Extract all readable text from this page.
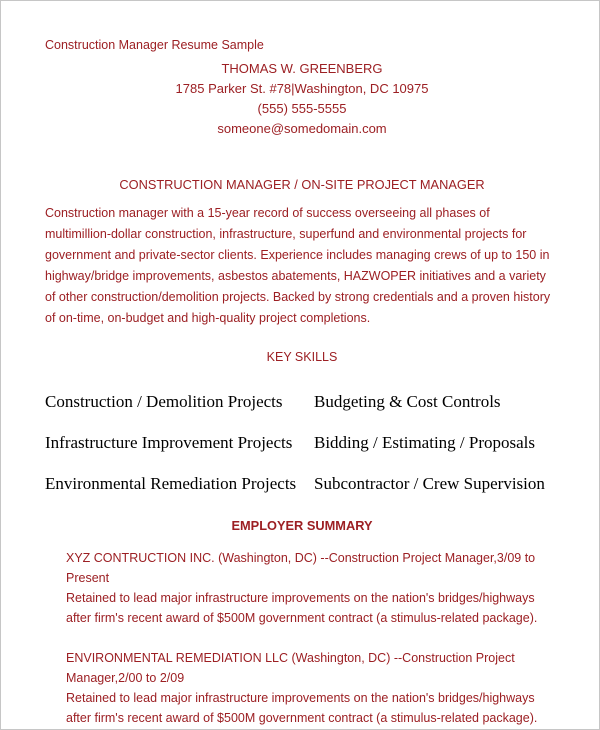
Construction Manager Resume Sample
THOMAS W. GREENBERG
1785 Parker St. #78|Washington, DC 10975
(555) 555-5555
someone@somedomain.com
CONSTRUCTION MANAGER / ON-SITE PROJECT MANAGER
Construction manager with a 15-year record of success overseeing all phases of multimillion-dollar construction, infrastructure, superfund and environmental projects for government and private-sector clients. Experience includes managing crews of up to 150 in highway/bridge improvements, asbestos abatements, HAZWOPER initiatives and a variety of other construction/demolition projects. Backed by strong credentials and a proven history of on-time, on-budget and high-quality project completions.
KEY SKILLS
Construction / Demolition Projects	Budgeting & Cost Controls
Infrastructure Improvement Projects	Bidding / Estimating / Proposals
Environmental Remediation Projects	Subcontractor / Crew Supervision
EMPLOYER SUMMARY
XYZ CONTRUCTION INC. (Washington, DC) --Construction Project Manager,3/09 to Present
Retained to lead major infrastructure improvements on the nation's bridges/highways after firm's recent award of $500M government contract (a stimulus-related package).
ENVIRONMENTAL REMEDIATION LLC (Washington, DC) --Construction Project Manager,2/00 to 2/09
Retained to lead major infrastructure improvements on the nation's bridges/highways after firm's recent award of $500M government contract (a stimulus-related package).
